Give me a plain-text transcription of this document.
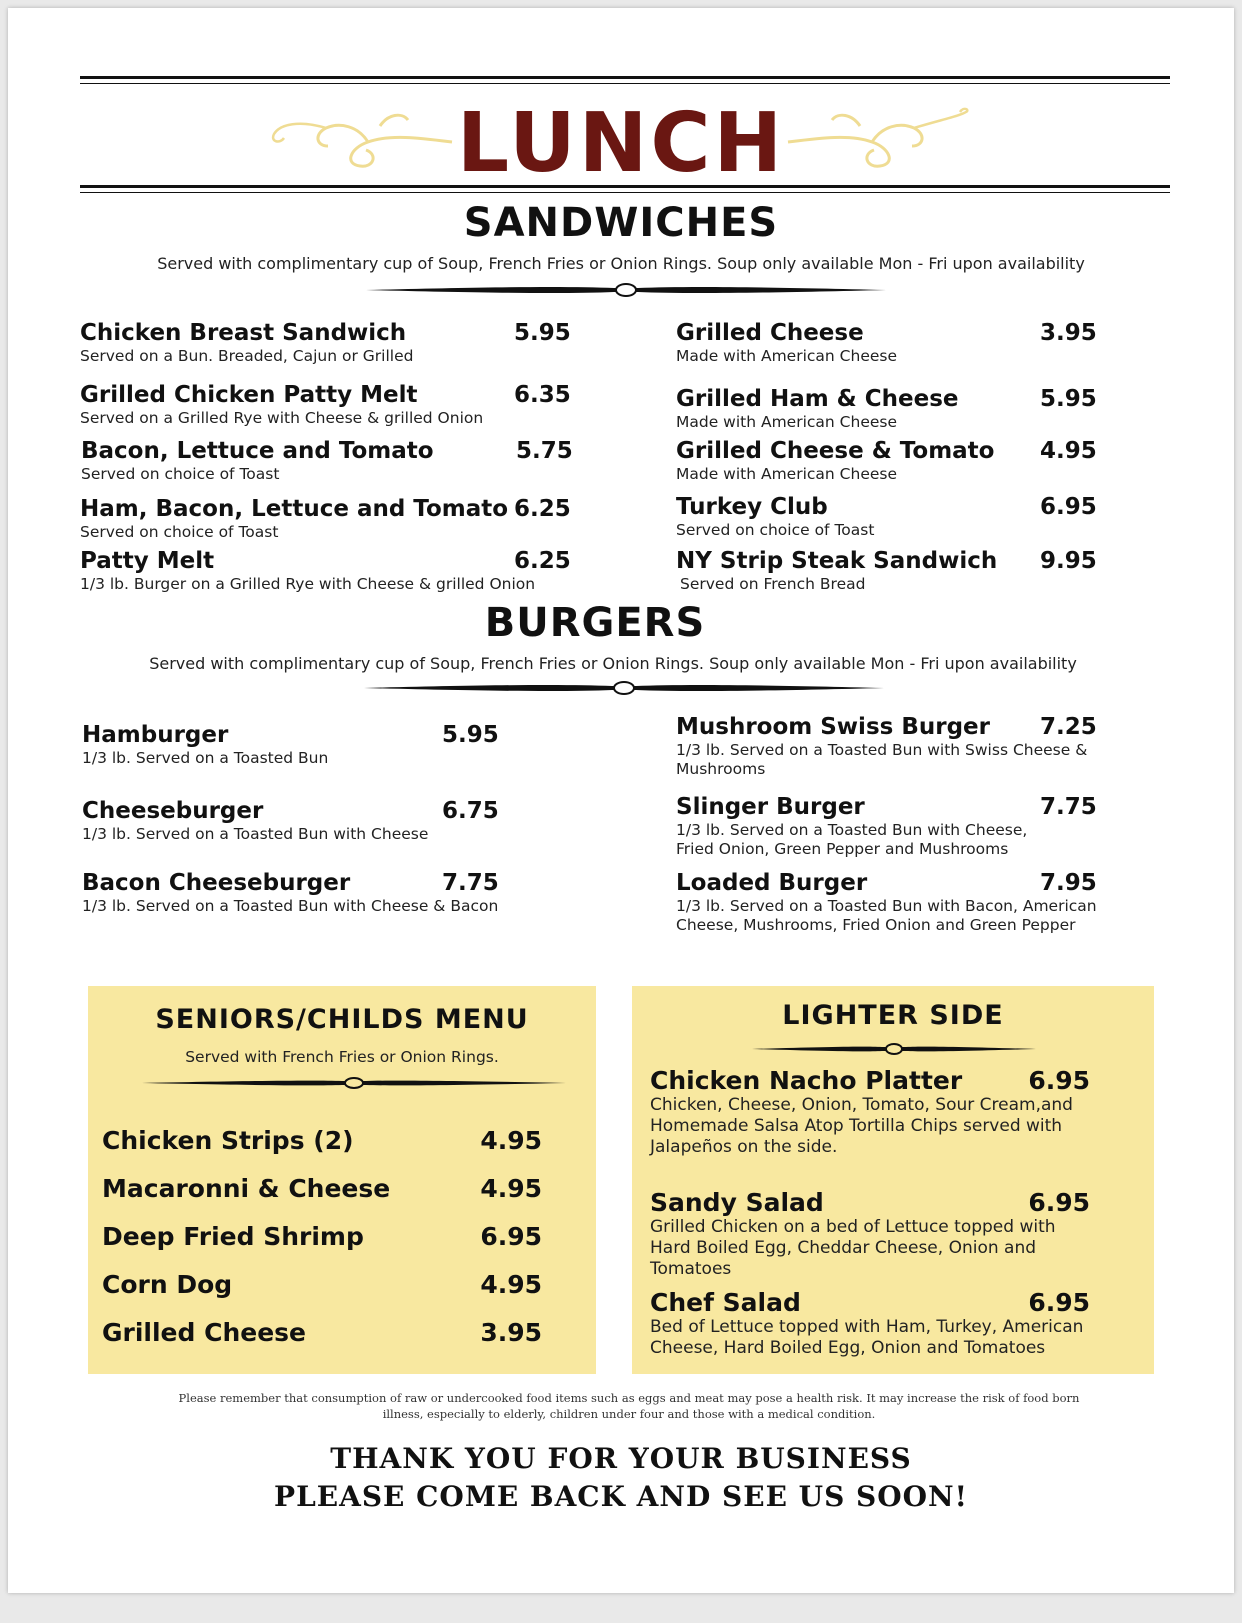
LUNCH
SANDWICHES
Served with complimentary cup of Soup, French Fries or Onion Rings. Soup only available Mon - Fri upon availability
Chicken Breast Sandwich
Served on a Bun. Breaded, Cajun or Grilled
5.95
Grilled Chicken Patty Melt
Served on a Grilled Rye with Cheese & grilled Onion
6.35
Bacon, Lettuce and Tomato
Served on choice of Toast
5.75
Ham, Bacon, Lettuce and Tomato
Served on choice of Toast
6.25
Patty Melt
1/3 lb. Burger on a Grilled Rye with Cheese & grilled Onion
6.25
Grilled Cheese
Made with American Cheese
3.95
Grilled Ham & Cheese
Made with American Cheese
5.95
Grilled Cheese & Tomato
Made with American Cheese
4.95
Turkey Club
Served on choice of Toast
6.95
NY Strip Steak Sandwich
Served on French Bread
9.95
BURGERS
Served with complimentary cup of Soup, French Fries or Onion Rings. Soup only available Mon - Fri upon availability
Hamburger
1/3 lb. Served on a Toasted Bun
5.95
Cheeseburger
1/3 lb. Served on a Toasted Bun with Cheese
6.75
Bacon Cheeseburger
1/3 lb. Served on a Toasted Bun with Cheese & Bacon
7.75
Mushroom Swiss Burger
1/3 lb. Served on a Toasted Bun with Swiss Cheese & Mushrooms
7.25
Slinger Burger
1/3 lb. Served on a Toasted Bun with Cheese, Fried Onion, Green Pepper and Mushrooms
7.75
Loaded Burger
1/3 lb. Served on a Toasted Bun with Bacon, American Cheese, Mushrooms, Fried Onion and Green Pepper
7.95
SENIORS/CHILDS MENU
Served with French Fries or Onion Rings.
Chicken Strips (2)	4.95
Macaronni & Cheese	4.95
Deep Fried Shrimp	6.95
Corn Dog	4.95
Grilled Cheese	3.95
LIGHTER SIDE
Chicken Nacho Platter	6.95
Chicken, Cheese, Onion, Tomato, Sour Cream,and Homemade Salsa Atop Tortilla Chips served with Jalapeños on the side.
Sandy Salad	6.95
Grilled Chicken on a bed of Lettuce topped with Hard Boiled Egg, Cheddar Cheese, Onion and Tomatoes
Chef Salad	6.95
Bed of Lettuce topped with Ham, Turkey, American Cheese, Hard Boiled Egg, Onion and Tomatoes
Please remember that consumption of raw or undercooked food items such as eggs and meat may pose a health risk. It may increase the risk of food born illness, especially to elderly, children under four and those with a medical condition.
THANK YOU FOR YOUR BUSINESS
PLEASE COME BACK AND SEE US SOON!
